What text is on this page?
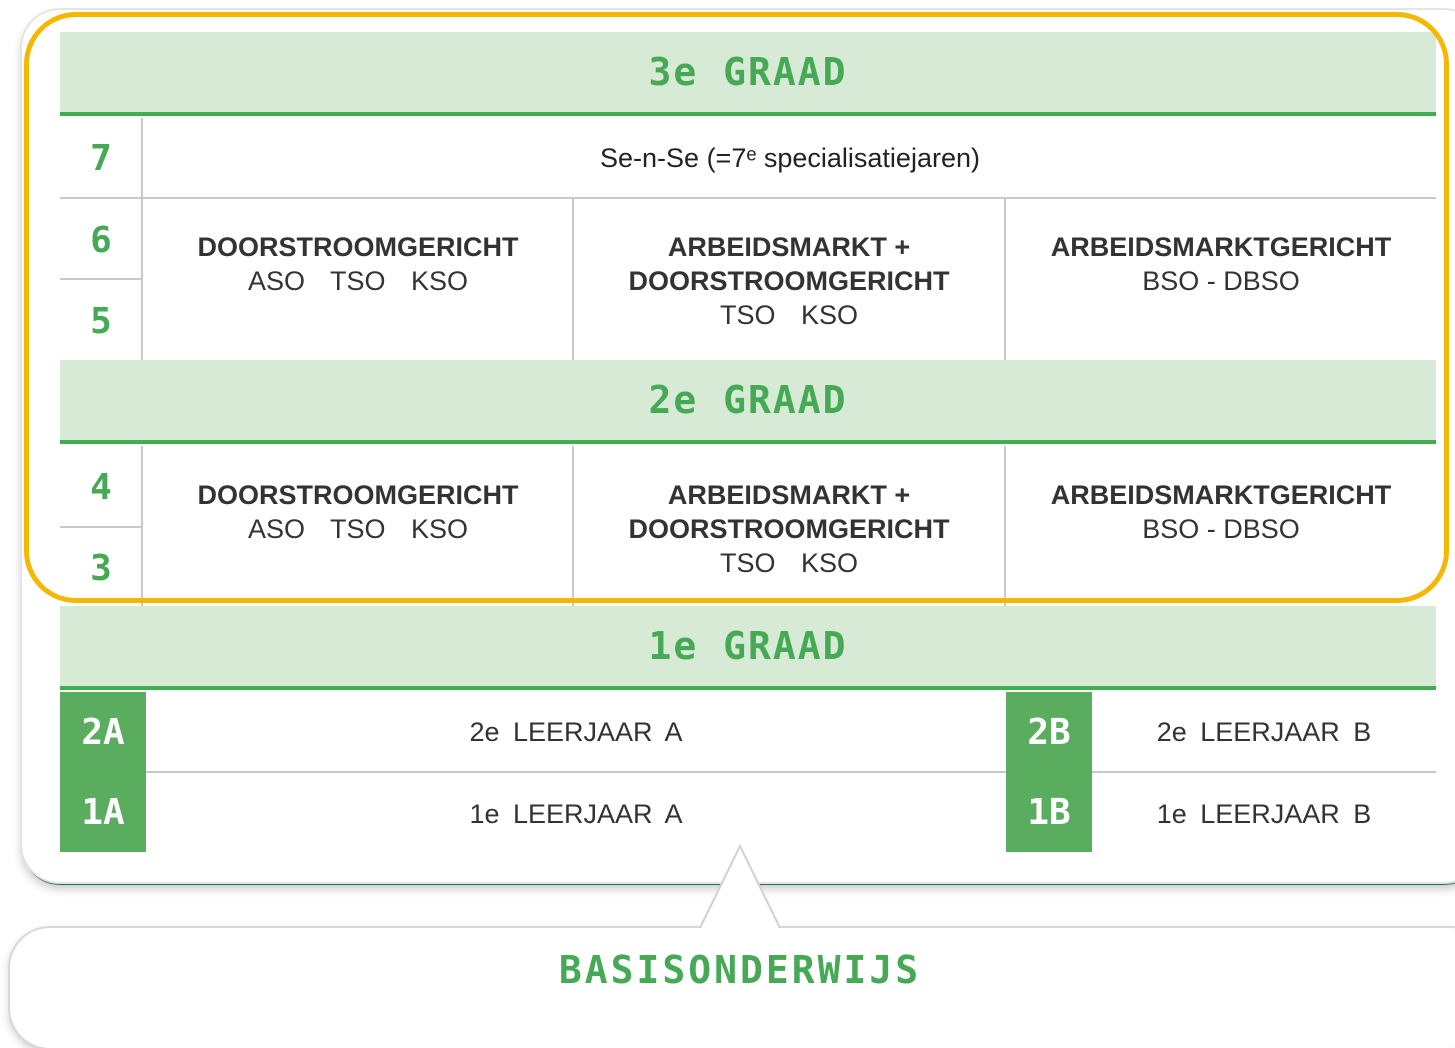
3e GRAAD
7	Se-n-Se (=7ᵉ specialisatiejaren)
6
5
DOORSTROOMGERICHT
ASO TSO KSO
ARBEIDSMARKT +
DOORSTROOMGERICHT
TSO KSO
ARBEIDSMARKTGERICHT
BSO - DBSO
2e GRAAD
4
3
DOORSTROOMGERICHT
ASO TSO KSO
ARBEIDSMARKT +
DOORSTROOMGERICHT
TSO KSO
ARBEIDSMARKTGERICHT
BSO - DBSO
1e GRAAD
2A
1A
2B
1B
2e LEERJAAR A
1e LEERJAAR A
2e LEERJAAR B
1e LEERJAAR B
BASISONDERWIJS
